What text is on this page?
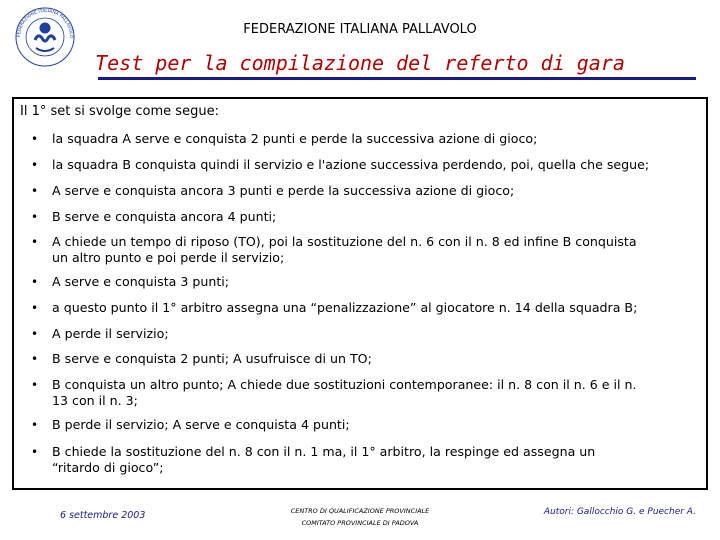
FEDERAZIONE ITALIANA PALLAVOLO	FEDERAZIONE ITALIANA PALLAVOLO
Test per la compilazione del referto di gara
Il 1° set si svolge come segue:
• la squadra A serve e conquista 2 punti e perde la successiva azione di gioco;
• la squadra B conquista quindi il servizio e l'azione successiva perdendo, poi, quella che segue;
• A serve e conquista ancora 3 punti e perde la successiva azione di gioco;
• B serve e conquista ancora 4 punti;
• A chiede un tempo di riposo (TO), poi la sostituzione del n. 6 con il n. 8 ed infine B conquista
un altro punto e poi perde il servizio;
• A serve e conquista 3 punti;
• a questo punto il 1° arbitro assegna una “penalizzazione” al giocatore n. 14 della squadra B;
• A perde il servizio;
• B serve e conquista 2 punti; A usufruisce di un TO;
• B conquista un altro punto; A chiede due sostituzioni contemporanee: il n. 8 con il n. 6 e il n.
13 con il n. 3;
• B perde il servizio; A serve e conquista 4 punti;
• B chiede la sostituzione del n. 8 con il n. 1 ma, il 1° arbitro, la respinge ed assegna un
“ritardo di gioco”;
6 settembre 2003	CENTRO DI QUALIFICAZIONE PROVINCIALE
COMITATO PROVINCIALE DI PADOVA
Autori: Gallocchio G. e Puecher A.
